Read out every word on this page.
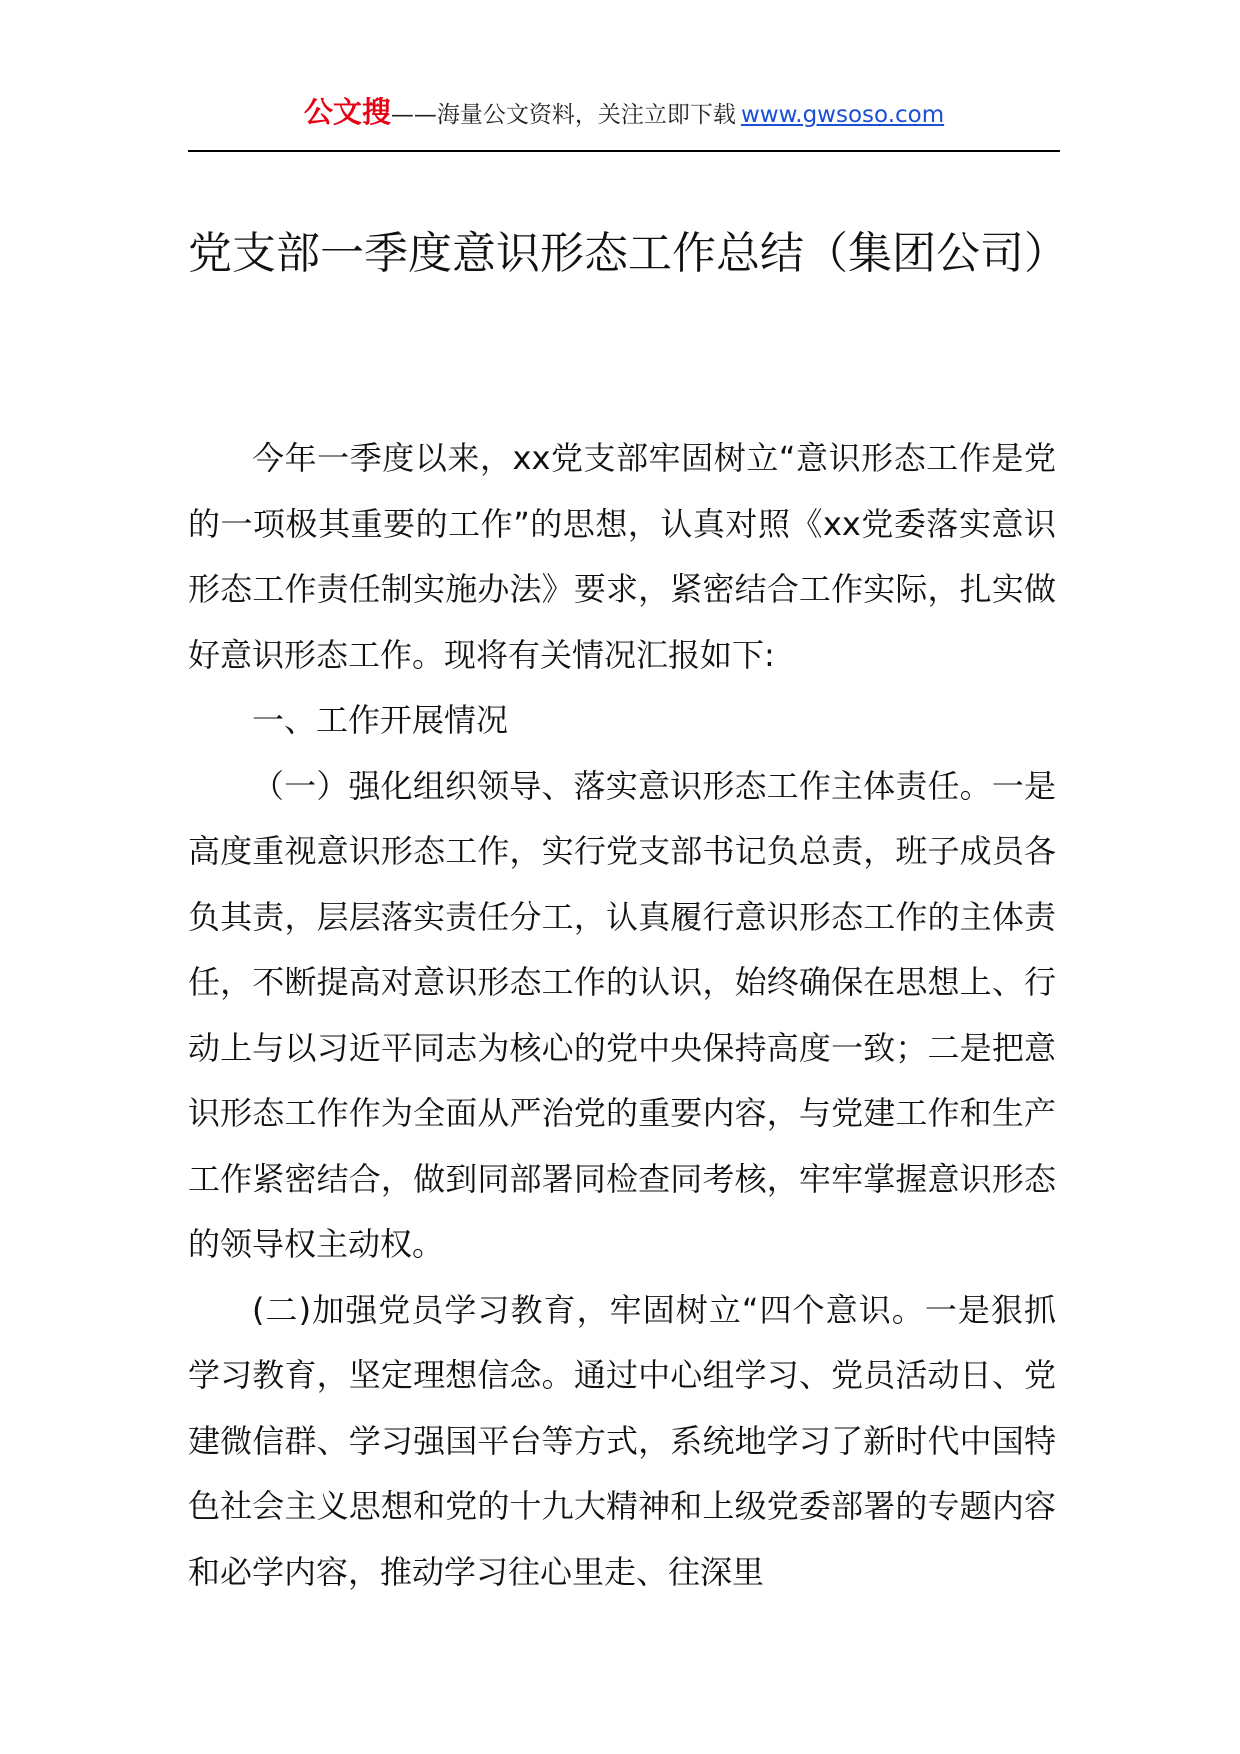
公文搜——海量公文资料，关注立即下载 www.gwsoso.com
党支部一季度意识形态工作总结（集团公司）

今年一季度以来，xx党支部牢固树立“意识形态工作是党的一项极其重要的工作”的思想，认真对照《xx党委落实意识形态工作责任制实施办法》要求，紧密结合工作实际，扎实做好意识形态工作。现将有关情况汇报如下:

一、工作开展情况

（一）强化组织领导、落实意识形态工作主体责任。一是高度重视意识形态工作，实行党支部书记负总责，班子成员各负其责，层层落实责任分工，认真履行意识形态工作的主体责任，不断提高对意识形态工作的认识，始终确保在思想上、行动上与以习近平同志为核心的党中央保持高度一致；二是把意识形态工作作为全面从严治党的重要内容，与党建工作和生产工作紧密结合，做到同部署同检查同考核，牢牢掌握意识形态的领导权主动权。

(二)加强党员学习教育，牢固树立“四个意识。一是狠抓学习教育，坚定理想信念。通过中心组学习、党员活动日、党建微信群、学习强国平台等方式，系统地学习了新时代中国特色社会主义思想和党的十九大精神和上级党委部署的专题内容和必学内容，推动学习往心里走、往深里
